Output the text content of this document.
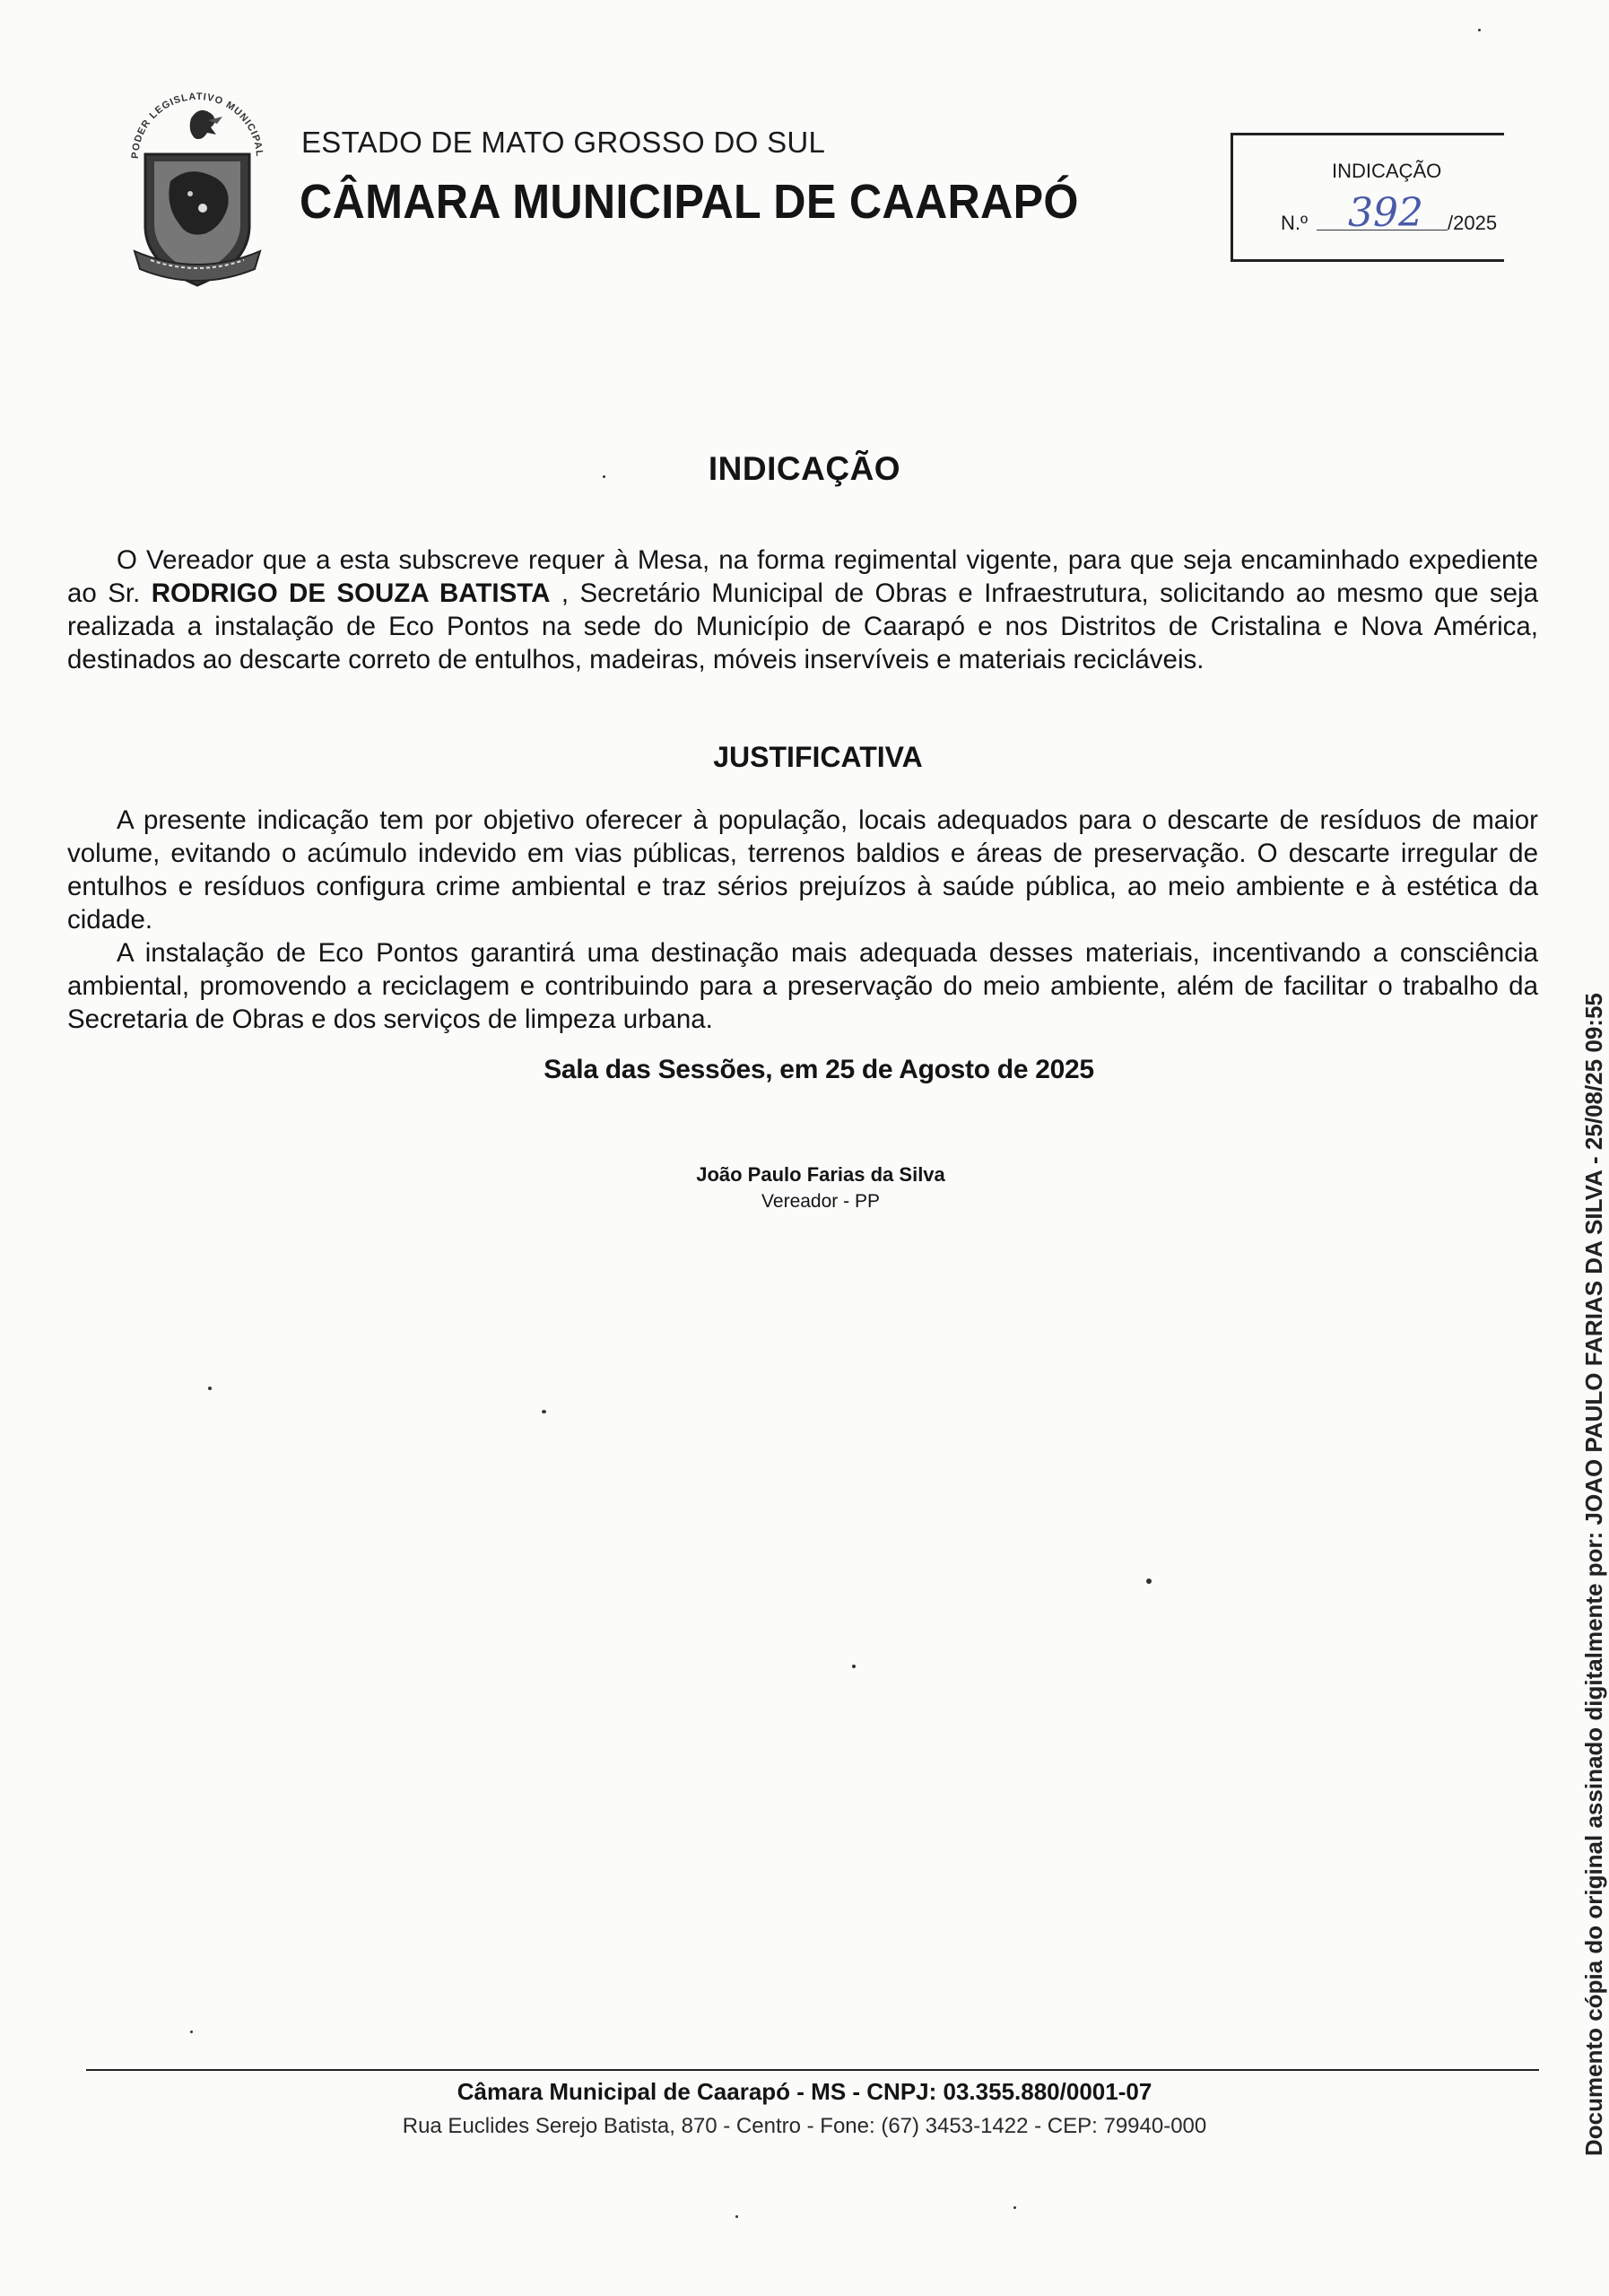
PODER LEGISLATIVO MUNICIPAL ESTADO DE MATO GROSSO DO SUL
CÂMARA MUNICIPAL DE CAARAPÓ
INDICAÇÃO
N.º 392 /2025
INDICAÇÃO

O Vereador que a esta subscreve requer à Mesa, na forma regimental vigente, para que seja encaminhado expediente ao Sr. RODRIGO DE SOUZA BATISTA , Secretário Municipal de Obras e Infraestrutura, solicitando ao mesmo que seja realizada a instalação de Eco Pontos na sede do Município de Caarapó e nos Distritos de Cristalina e Nova América, destinados ao descarte correto de entulhos, madeiras, móveis inservíveis e materiais recicláveis.

JUSTIFICATIVA

A presente indicação tem por objetivo oferecer à população, locais adequados para o descarte de resíduos de maior volume, evitando o acúmulo indevido em vias públicas, terrenos baldios e áreas de preservação. O descarte irregular de entulhos e resíduos configura crime ambiental e traz sérios prejuízos à saúde pública, ao meio ambiente e à estética da cidade.

A instalação de Eco Pontos garantirá uma destinação mais adequada desses materiais, incentivando a consciência ambiental, promovendo a reciclagem e contribuindo para a preservação do meio ambiente, além de facilitar o trabalho da Secretaria de Obras e dos serviços de limpeza urbana.

Sala das Sessões, em 25 de Agosto de 2025
João Paulo Farias da Silva
Vereador - PP
Câmara Municipal de Caarapó - MS - CNPJ: 03.355.880/0001-07
Rua Euclides Serejo Batista, 870 - Centro - Fone: (67) 3453-1422 - CEP: 79940-000	Documento cópia do original assinado digitalmente por: JOAO PAULO FARIAS DA SILVA - 25/08/25 09:55
